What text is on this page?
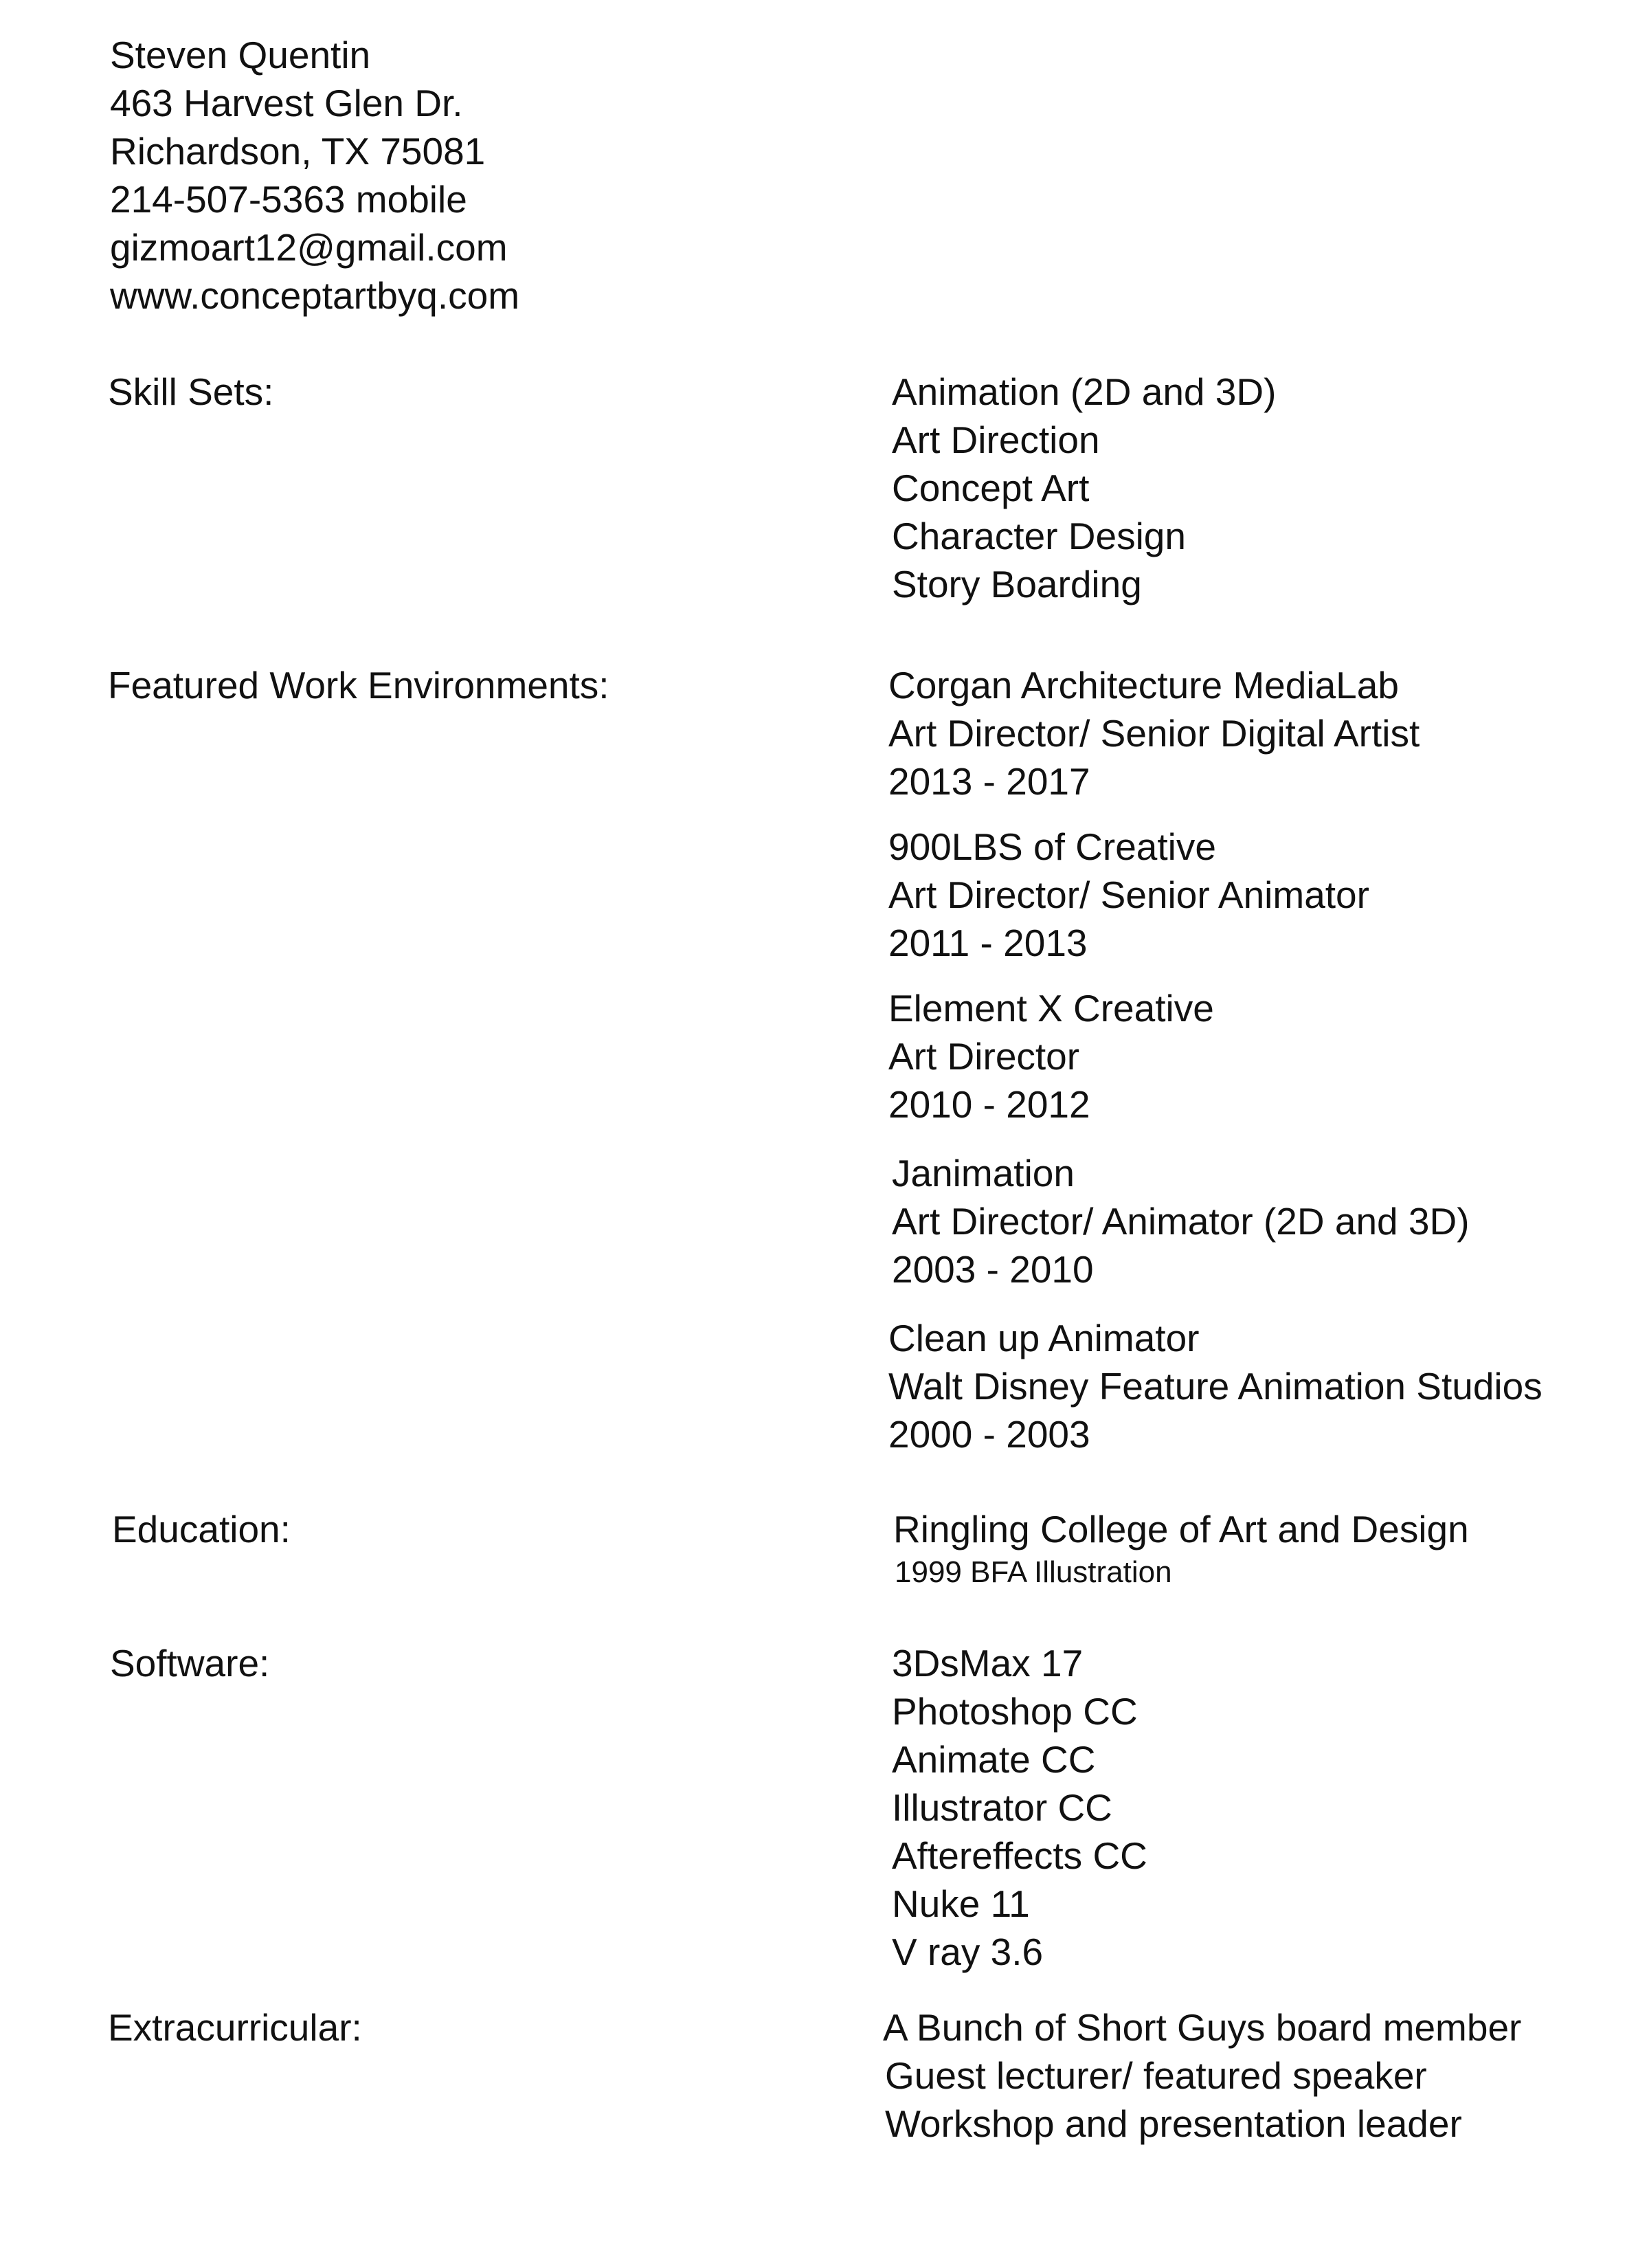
Steven Quentin
463 Harvest Glen Dr.
Richardson, TX 75081
214-507-5363 mobile
gizmoart12@gmail.com
www.conceptartbyq.com
Skill Sets:	Animation (2D and 3D)
Art Direction
Concept Art
Character Design
Story Boarding
Featured Work Environments:	Corgan Architecture MediaLab
Art Director/ Senior Digital Artist
2013 - 2017
900LBS of Creative
Art Director/ Senior Animator
2011 - 2013
Element X Creative
Art Director
2010 - 2012
Janimation
Art Director/ Animator (2D and 3D)
2003 - 2010
Clean up Animator
Walt Disney Feature Animation Studios
2000 - 2003
Education:	Ringling College of Art and Design
1999 BFA Illustration
Software:	3DsMax 17
Photoshop CC
Animate CC
Illustrator CC
Aftereffects CC
Nuke 11
V ray 3.6
Extracurricular:	A Bunch of Short Guys board member
Guest lecturer/ featured speaker
Workshop and presentation leader
